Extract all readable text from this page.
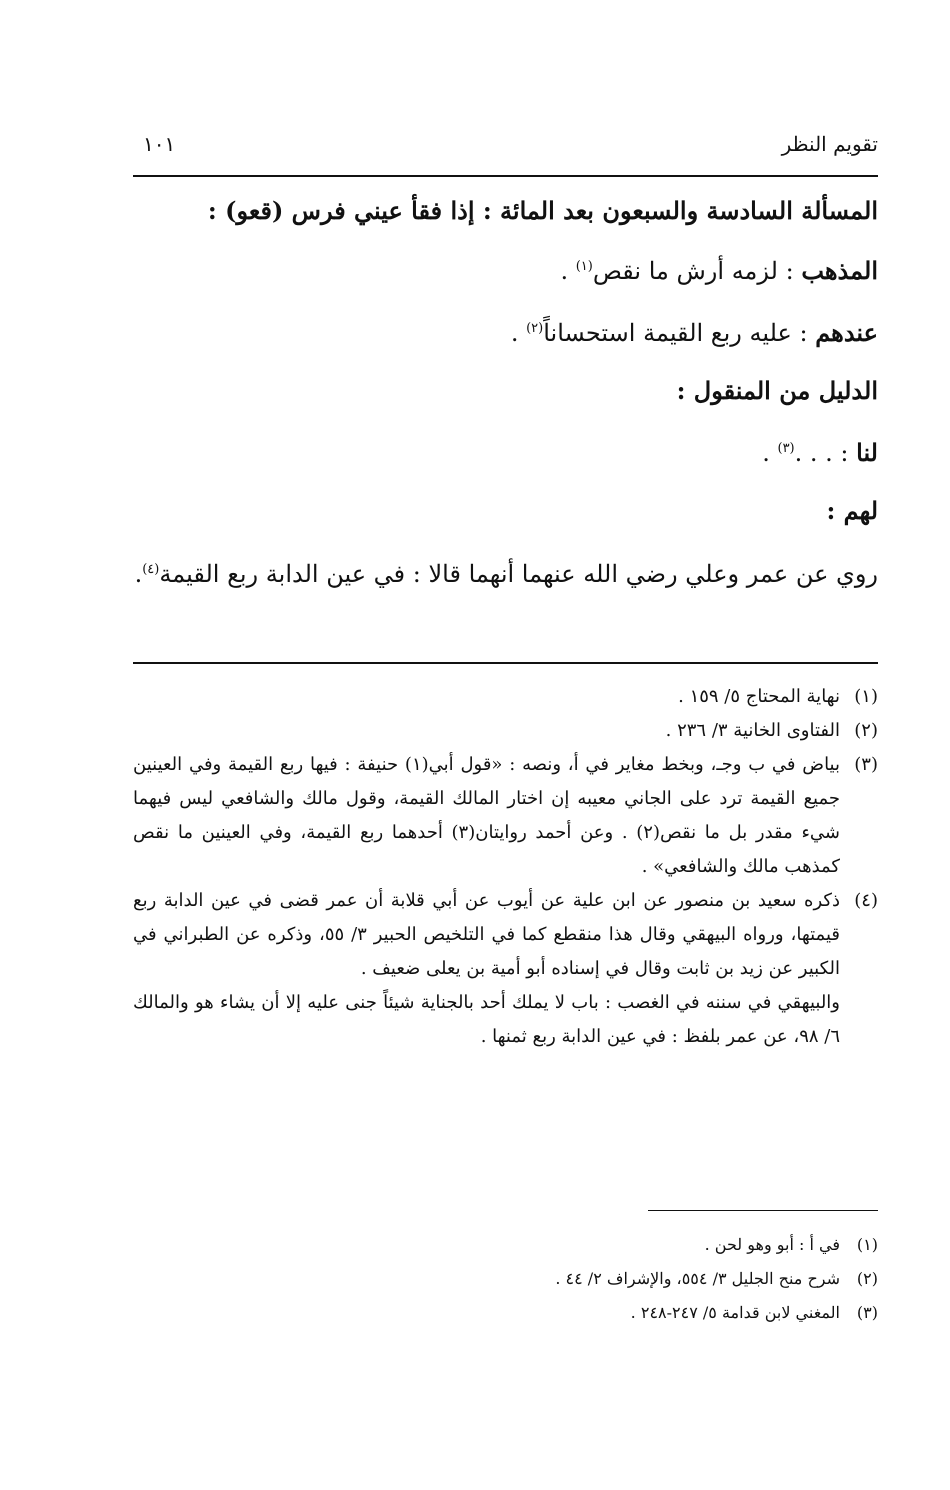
تقويم النظر
١٠١

المسألة السادسة والسبعون بعد المائة : إذا فقأ عيني فرس (قعو) :

المذهب : لزمه أرش ما نقص$^{(١)}$ .

عندهم : عليه ربع القيمة استحساناً$^{(٢)}$ .

الدليل من المنقول :

لنا : . . .$^{(٣)}$ .

لهم :

روي عن عمر وعلي رضي الله عنهما أنهما قالا : في عين الدابة ربع القيمة$^{(٤)}$.

(١)
نهاية المحتاج ٥/ ١٥٩ .
(٢)
الفتاوى الخانية ٣/ ٢٣٦ .
(٣)
بياض في ب وجـ، وبخط مغاير في أ، ونصه : «قول أبي(١) حنيفة : فيها ربع القيمة وفي العينين جميع القيمة ترد على الجاني معيبه إن اختار المالك القيمة، وقول مالك والشافعي ليس فيهما شيء مقدر بل ما نقص(٢) . وعن أحمد روايتان(٣) أحدهما ربع القيمة، وفي العينين ما نقص كمذهب مالك والشافعي» .
(٤)
ذكره سعيد بن منصور عن ابن علية عن أيوب عن أبي قلابة أن عمر قضى في عين الدابة ربع قيمتها، ورواه البيهقي وقال هذا منقطع كما في التلخيص الحبير ٣/ ٥٥، وذكره عن الطبراني في الكبير عن زيد بن ثابت وقال في إسناده أبو أمية بن يعلى ضعيف .
والبيهقي في سننه في الغصب : باب لا يملك أحد بالجناية شيئاً جنى عليه إلا أن يشاء هو والمالك ٦/ ٩٨، عن عمر بلفظ : في عين الدابة ربع ثمنها .
(١)
في أ : أبو وهو لحن .
(٢)
شرح منح الجليل ٣/ ٥٥٤، والإشراف ٢/ ٤٤ .
(٣)
المغني لابن قدامة ٥/ ٢٤٧-٢٤٨ .
